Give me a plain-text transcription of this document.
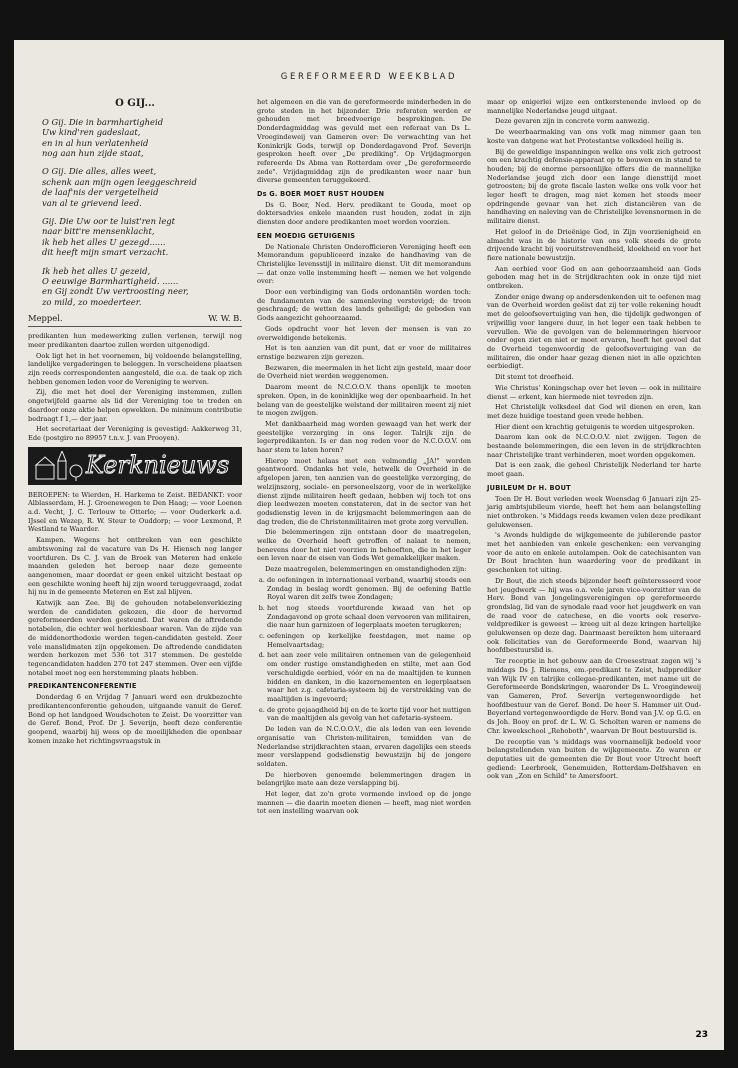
GEREFORMEERD WEEKBLAD
O GIJ...
O Gij. Die in barmhartigheid
Uw kind'ren gadeslaat,
en in al hun verlatenheid
nog aan hun zijde staat,
O Gij. Die alles, alles weet,
schenk aan mijn ogen leeggeschreid
de laaf'nis der vergetelheid
van al te grievend leed.
Gij. Die Uw oor te luist'ren legt
naar bitt're mensenklacht,
ik heb het alles U gezegd......
dit heeft mijn smart verzacht.
Ik heb het alles U gezeid,
O eeuwige Barmhartigheid. ......
en Gij zondt Uw vertroosting neer,
zo mild, zo moederteer.
Meppel.	W. W. B.

predikanten hun medewerking zullen verlenen, terwijl nog meer predikanten daartoe zullen worden uitgenodigd.

Ook ligt het in het voornemen, bij voldoende belangstelling, landelijke vergaderingen te beleggen. In verscheidene plaatsen zijn reeds correspondenten aangesteld, die o.a. de taak op zich hebben genomen leden voor de Vereniging te werven.

Zij, die met het doel der Vereniging instemmen, zullen ongetwijfeld gaarne als lid der Vereniging toe te treden en daardoor onze aktie helpen opwekken. De minimum contributie bedraagt f 1,— der jaar.

Het secretariaat der Vereniging is gevestigd: Aakkerweg 31, Ede (postgiro no 89957 t.n.v. J. van Prooyen).

Kerknieuws

BEROEPEN: te Wierden, H. Harkema te Zeist. BEDANKT: voor Alblasserdam, H. J. Groenewegen te Den Haag; — voor Loenen a.d. Vecht, J. C. Terlouw te Otterlo; — voor Ouderkerk a.d. IJssel en Wezep, R. W. Steur te Ouddorp; — voor Lexmond, P. Westland te Waarder.

Kampen. Wegens het ontbreken van een geschikte ambtswoning zal de vacature van Ds H. Hiensch nog langer voortduren. Ds C. J. van de Broek van Meteren had enkele maanden geleden het beroep naar deze gemeente aangenomen, maar doordat er geen enkel uitzicht bestaat op een geschikte woning heeft hij zijn woord teruggevraagd, zodat hij nu in de gemeente Meteren en Est zal blijven.

Katwijk aan Zee. Bij de gehouden notabelenverkiezing werden de candidaten gekozen, die door de hervormd gereformeerden werden gesteund. Dat waren de aftredende notabelen, die echter wel herkiesbaar waren. Van de zijde van de middenorthodoxie werden tegen-candidaten gesteld. Zeer vele manslidmaten zijn opgekomen. De aftredende candidaten werden herkozen met 536 tot 317 stemmen. De gestelde tegencandidaten hadden 270 tot 247 stemmen. Over een vijfde notabel moet nog een herstemming plaats hebben.

PREDIKANTENCONFERENTIE

Donderdag 6 en Vrijdag 7 Januari werd een drukbezochte predikantenconferentie gehouden, uitgaande vanuit de Geref. Bond op het landgoed Woudschoten te Zeist. De voorzitter van de Geref. Bond, Prof. Dr J. Severijn, heeft deze conferentie geopend, waarbij hij wees op de moeilijkheden die openbaar komen inzake het richtingsvraagstuk in

het algemeen en die van de gereformeerde minderheden in de grote steden in het bijzonder. Drie referaten werden er gehouden met breedvoerige besprekingen. De Donderdagmiddag was gevuld met een referaat van Ds L. Vroegindeweij van Gameren over: De verwachting van het Koninkrijk Gods, terwijl op Donderdagavond Prof. Severijn gesproken heeft over „De prediking". Op Vrijdagmorgen refereerde Ds Abma van Rotterdam over „De gereformeerde zede". Vrijdagmiddag zijn de predikanten weer naar hun diverse gemeenten teruggekeerd.

Ds G. BOER MOET RUST HOUDEN

Ds G. Boer, Ned. Herv. predikant te Gouda, moet op doktersadvies enkele maanden rust houden, zodat in zijn diensten door andere predikanten moet worden voorzien.

EEN MOEDIG GETUIGENIS

De Nationale Christen Onderofficieren Vereniging heeft een Memorandum gepubliceerd inzake de handhaving van de Christelijke levensstijl in militaire dienst. Uit dit memorandum — dat onze volle instemming heeft — nemen we het volgende over:

Door een verbindiging van Gods ordonantiën worden toch: de fundamenten van de samenleving verstevigd; de troon geschraagd; de wetten des lands geheiligd; de geboden van Gods aangezicht gehoorzaamd.

Gods opdracht voor het leven der mensen is van zo overweldigende betekenis.

Het is ten aanzien van dit punt, dat er voor de militaires ernstige bezwaren zijn gerezen.

Bezwaren, die meermalen in het licht zijn gesteld, maar door de Overheid niet werden weggenomen.

Daarom meent de N.C.O.O.V. thans openlijk te moeten spreken. Open, in de koninklijke weg der openbaarheid. In het belang van de geestelijke welstand der militairen meent zij niet te mogen zwijgen.

Met dankbaarheid mag worden gewaagd van het werk der geestelijke verzorging in ons leger. Talrijk zijn de legerpredikanten. Is er dan nog reden voor de N.C.O.O.V. om haar stem te laten horen?

Hierop moet helaas met een volmondig „JA!" worden geantwoord. Ondanks het vele, hetwelk de Overheid in de afgelopen jaren, ten aanzien van de geestelijke verzorging, de welzijnszorg, sociale- en personeelszorg, voor de in werkelijke dienst zijnde militairen heeft gedaan, hebben wij toch tot ons diep leedwezen moeten constateren, dat in de sector van het godsdienstig leven in de krijgsmacht belemmeringen aan de dag treden, die de Christenmilitairen met grote zorg vervullen.

Die belemmeringen zijn ontstaan door de maatregelen, welke de Overheid heeft getroffen of nalaat te nemen, benevens door het niet voorzien in behoeften, die in het leger een leven naar de eisen van Gods Wet gemakkelijker maken.

Deze maatregelen, belemmeringen en omstandigheden zijn:

a. de oefeningen in internationaal verband, waarbij steeds een Zondag in beslag wordt genomen. Bij de oefening Battle Royal waren dit zelfs twee Zondagen;
b. het nog steeds voortdurende kwaad van het op Zondagavond op grote schaal doen vervoeren van militairen, die naar hun garnizoen of legerplaats moeten terugkeren;
c. oefeningen op kerkelijke feestdagen, met name op Hemelvaartsdag;
d. het aan zeer vele militairen ontnemen van de gelegenheid om onder rustige omstandigheden en stilte, met aan God verschuldigde eerbied, vóór en na de maaltijden te kunnen bidden en danken, in die kazernementen en legerplaatsen waar het z.g. cafetaria-systeem bij de verstrekking van de maaltijden is ingevoerd;
e. de grote gejaagdheid bij en de te korte tijd voor het nuttigen van de maaltijden als gevolg van het cafetaria-systeem.

De leden van de N.C.O.O.V., die als leden van een levende organisatie van Christen-militairen, temidden van de Nederlandse strijdkrachten staan, ervaren dagelijks een steeds meer verslappend godsdienstig bewustzijn bij de jongere soldaten.

De hierboven genoemde belemmeringen dragen in belangrijke mate aan deze verslapping bij.

Het leger, dat zo'n grote vormende invloed op de jonge mannen — die daarin moeten dienen — heeft, mag niet worden tot een instelling waarvan ook

maar op enigerlei wijze een ontkerstenende invloed op de mannelijke Nederlandse jeugd uitgaat.

Deze gevaren zijn in concrete vorm aanwezig.

De weerbaarmaking van ons volk mag nimmer gaan ten koste van datgene wat het Protestantse volksdeel heilig is.

Bij de geweldige inspanningen welke ons volk zich getroost om een krachtig defensie-apparaat op te bouwen en in stand te houden; bij de enorme persoonlijke offers die de mannelijke Nederlandse jeugd zich door een lange diensttijd moet getroosten; bij de grote fiscale lasten welke ons volk voor het leger heeft te dragen, mag niet komen het steeds meer opdringende gevaar van het zich distanciëren van de handhaving en naleving van de Christelijke levensnormen in de militaire dienst.

Het geloof in de Drieënige God, in Zijn voorzienigheid en almacht was in de historie van ons volk steeds de grote drijvende kracht bij vooruitstrevendheid, kloekheid en voor het fiere nationale bewustzijn.

Aan eerbied voor God en aan gehoorzaamheid aan Gods geboden mag het in de Strijdkrachten ook in onze tijd niet ontbreken.

Zonder enige dwang op andersdenkenden uit te oefenen mag van de Overheid worden geëist dat zij ter volle rekening houdt met de geloofsovertuiging van hen, die tijdelijk gedwongen of vrijwillig voor langere duur, in het leger een taak hebben te vervullen. Wie de gevolgen van de belemmeringen hiervoor onder ogen ziet en niet er moet ervaren, heeft het gevoel dat de Overheid tegenwoordig de geloofsovertuiging van de militairen, die onder haar gezag dienen niet in alle opzichten eerbiedigt.

Dit stemt tot droefheid.

Wie Christus' Koningschap over het leven — ook in militaire dienst — erkent, kan hiermede niet tevreden zijn.

Het Christelijk volksdeel dat God wil dienen en eren, kan met deze huidige toestand geen vrede hebben.

Hier dient een krachtig getuigenis te worden uitgesproken.

Daarom kan ook de N.C.O.O.V. niet zwijgen. Tegen de bestaande belemmeringen, die een leven in de strijdkrachten naar Christelijke trant verhinderen, moet worden opgekomen.

Dat is een zaak, die geheel Christelijk Nederland ter harte moet gaan.

JUBILEUM Dr H. BOUT

Toen Dr H. Bout verleden week Woensdag 6 Januari zijn 25-jarig ambtsjubileum vierde, heeft het hem aan belangstelling niet ontbroken. 's Middags reeds kwamen velen deze predikant gelukwensen.

's Avonds huldigde de wijkgemeente de jubilerende pastor met het aanbieden van enkele geschenken: een vervanging voor de auto en enkele autolampen. Ook de catechisanten van Dr Bout brachten hun waardering voor de predikant in geschenken tot uiting.

Dr Bout, die zich steeds bijzonder heeft geïnteresseerd voor het jeugdwerk — hij was o.a. vele jaren vice-voorzitter van de Herv. Bond van Jongelingsverenigingen op gereformeerde grondslag, lid van de synodale raad voor het jeugdwerk en van de raad voor de catechese, en die voorts ook reserve-veldprediker is geweest — kreeg uit al deze kringen hartelijke gelukwensen op deze dag. Daarmaast bereikten hem uiteraard ook felicitaties van de Gereformeerde Bond, waarvan hij hoofdbestuurslid is.

Ter receptie in het gebouw aan de Croesestraat zagen wij 's middags Ds J. Riemens, em.-predikant te Zeist, hulpprediker van Wijk IV en talrijke collegae-predikanten, met name uit de Gereformeerde Bondskringen, waaronder Ds L. Vroegindeweij van Gameren, Prof. Severijn vertegenwoordigde het hoofdbestuur van de Geref. Bond. De heer S. Hammer uit Oud-Beyerland vertegenwoordigde de Herv. Bond van J.V. op G.G. en ds Joh. Booy en prof. dr L. W. G. Scholten waren er namens de Chr. kweekschool „Rehoboth", waarvan Dr Bout bestuurslid is.

De receptie van 's middags was voornamelijk bedoeld voor belangstellenden van buiten de wijkgemeente. Zo waren er deputaties uit de gemeenten die Dr Bout voor Utrecht heeft gediend: Leerbroek, Genemuiden, Rotterdam-Delfshaven en ook van „Zon en Schild" te Amersfoort.

23
